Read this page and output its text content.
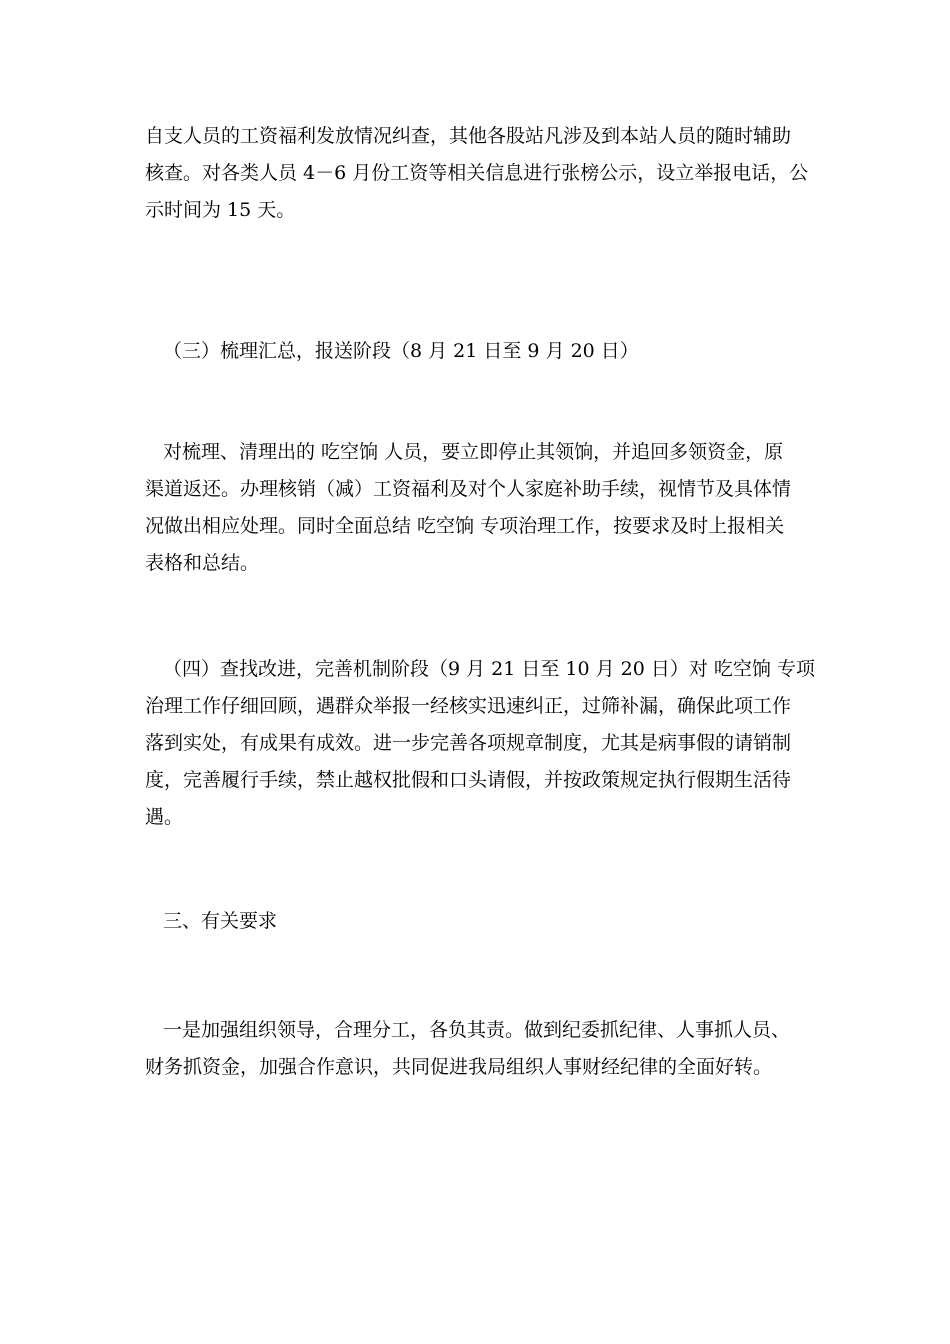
自支人员的工资福利发放情况纠查，其他各股站凡涉及到本站人员的随时辅助
核查。对各类人员 4－6 月份工资等相关信息进行张榜公示，设立举报电话，公
示时间为 15 天。
（三）梳理汇总，报送阶段（8 月 21 日至 9 月 20 日）
对梳理、清理出的 吃空饷 人员，要立即停止其领饷，并追回多领资金，原
渠道返还。办理核销（减）工资福利及对个人家庭补助手续，视情节及具体情
况做出相应处理。同时全面总结 吃空饷 专项治理工作，按要求及时上报相关
表格和总结。
（四）查找改进，完善机制阶段（9 月 21 日至 10 月 20 日）对 吃空饷 专项
治理工作仔细回顾，遇群众举报一经核实迅速纠正，过筛补漏，确保此项工作
落到实处，有成果有成效。进一步完善各项规章制度，尤其是病事假的请销制
度，完善履行手续，禁止越权批假和口头请假，并按政策规定执行假期生活待
遇。
三、有关要求
一是加强组织领导，合理分工，各负其责。做到纪委抓纪律、人事抓人员、
财务抓资金，加强合作意识，共同促进我局组织人事财经纪律的全面好转。
